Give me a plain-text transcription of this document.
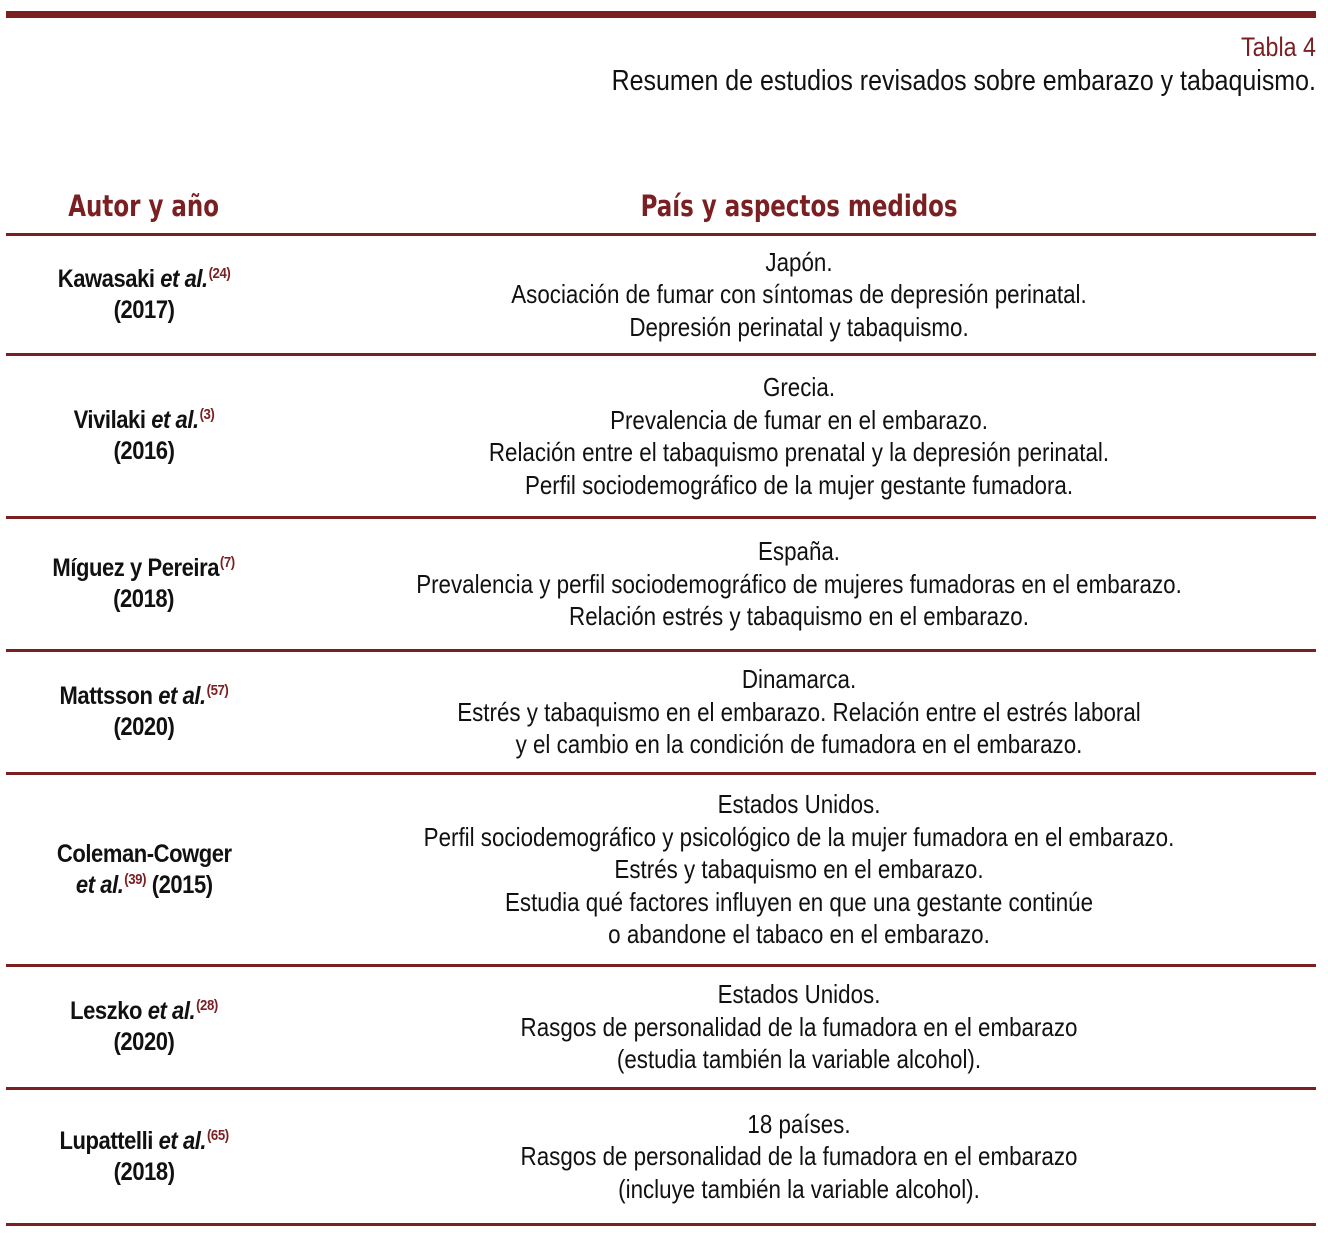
Tabla 4
Resumen de estudios revisados sobre embarazo y tabaquismo.
Autor y año	País y aspectos medidos
Kawasaki et al.$^{(24)}$
(2017)	Japón.
Asociación de fumar con síntomas de depresión perinatal.
Depresión perinatal y tabaquismo.

Vivilaki et al.$^{(3)}$
(2016)	Grecia.
Prevalencia de fumar en el embarazo.
Relación entre el tabaquismo prenatal y la depresión perinatal.
Perfil sociodemográfico de la mujer gestante fumadora.

Míguez y Pereira$^{(7)}$
(2018)	España.
Prevalencia y perfil sociodemográfico de mujeres fumadoras en el embarazo.
Relación estrés y tabaquismo en el embarazo.

Mattsson et al.$^{(57)}$
(2020)	Dinamarca.
Estrés y tabaquismo en el embarazo. Relación entre el estrés laboral
y el cambio en la condición de fumadora en el embarazo.

Coleman-Cowger
et al.$^{(39)}$ (2015)	Estados Unidos.
Perfil sociodemográfico y psicológico de la mujer fumadora en el embarazo.
Estrés y tabaquismo en el embarazo.
Estudia qué factores influyen en que una gestante continúe
o abandone el tabaco en el embarazo.

Leszko et al.$^{(28)}$
(2020)	Estados Unidos.
Rasgos de personalidad de la fumadora en el embarazo
(estudia también la variable alcohol).

Lupattelli et al.$^{(65)}$
(2018)	18 países.
Rasgos de personalidad de la fumadora en el embarazo
(incluye también la variable alcohol).
